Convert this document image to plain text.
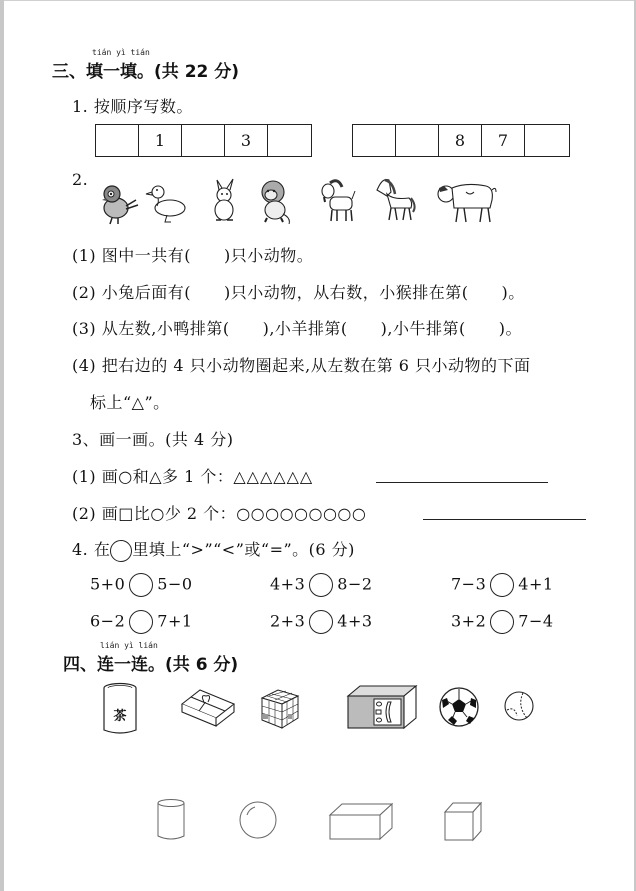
tián yì tián
三、填一填。(共 22 分)
1. 按顺序写数。
1	3	8	7
2.
(1) 图中一共有(　　)只小动物。
(2) 小兔后面有(　　)只小动物，从右数，小猴排在第(　　)。
(3) 从左数,小鸭排第(　　),小羊排第(　　),小牛排第(　　)。
(4) 把右边的 4 只小动物圈起来,从左数在第 6 只小动物的下面
标上“△”。
3、画一画。(共 4 分)
(1) 画○和△多 1 个：△△△△△△
(2) 画□比○少 2 个：○○○○○○○○○
4. 在 里填上“>”“<”或“=”。(6 分)
5+0 5−0	4+3 8−2	7−3 4+1
6−2 7+1	2+3 4+3	3+2 7−4
lián yì lián
四、连一连。(共 6 分)
茶
